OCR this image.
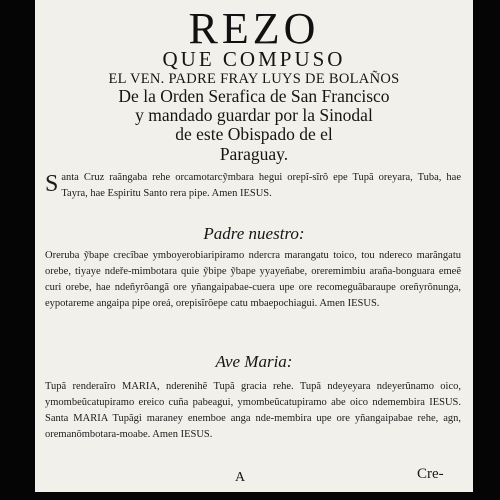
REZO
QUE COMPUSO
EL VEN. PADRE FRAY LUYS DE BOLAÑOS
De la Orden Serafica de San Francisco
y mandado guardar por la Sinodal
de este Obispado de el
Paraguay.
S anta Cruz raãngaba rehe orcamotarcỹmbara hegui orepĩ-sĩrõ epe Tupã oreyara, Tuba, hae Tayra, hae Espiritu Santo rera pipe. Amen IESUS.
Padre nuestro:
Oreruba ỹbape crecĩbae ymboyerobiaripiramo ndercra marangatu toico, tou ndereco marãngatu orebe, tiyaye ndeře-mimbotara quie ỹbipe ỹbape yyayeñabe, oreremimbiu araña-bonguara emeẽ curi orebe, hae ndeñyrõangã ore yñangaipabae-cuera upe ore recomeguãbaraupe oreñyrõnunga, eypotareme angaipa pipe oreá, orepisĩrõepe catu mbaepochiagui. Amen IESUS.
Ave Maria:
Tupã renderaĩro MARIA, nderenihẽ Tupã gracia rehe. Tupã ndeyeyara ndeyerũnamo oico, ymombeũcatupiramo ereico cuña pabeagui, ymombeũcatupiramo abe oico ndemembira IESUS. Santa MARIA Tupãgi maraney enemboe anga nde-membira upe ore yñangaipabae rehe, agn, oremanõmbotara-moabe. Amen IESUS.
A	Cre-
